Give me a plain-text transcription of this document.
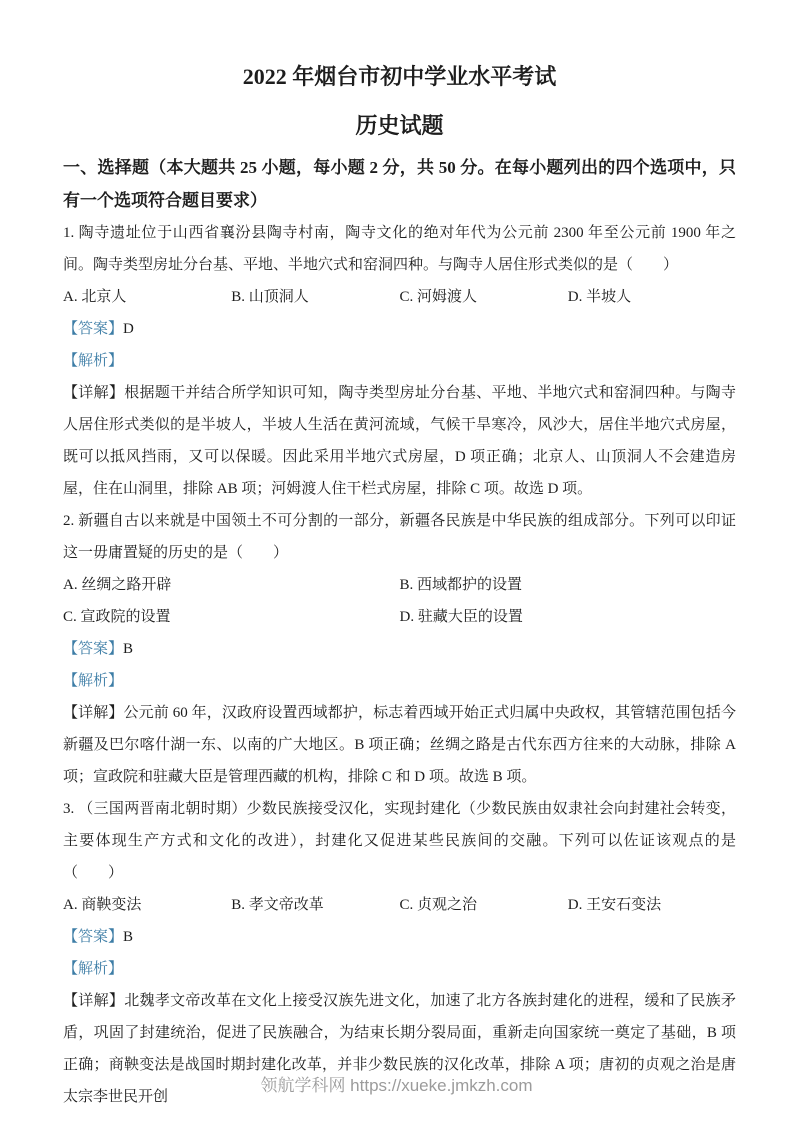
2022 年烟台市初中学业水平考试
历史试题
一、选择题（本大题共 25 小题，每小题 2 分，共 50 分。在每小题列出的四个选项中，只有一个选项符合题目要求）

1. 陶寺遗址位于山西省襄汾县陶寺村南，陶寺文化的绝对年代为公元前 2300 年至公元前 1900 年之间。陶寺类型房址分台基、平地、半地穴式和窑洞四种。与陶寺人居住形式类似的是（　　）

A. 北京人	B. 山顶洞人	C. 河姆渡人	D. 半坡人

【答案】D

【解析】

【详解】根据题干并结合所学知识可知，陶寺类型房址分台基、平地、半地穴式和窑洞四种。与陶寺人居住形式类似的是半坡人，半坡人生活在黄河流域，气候干旱寒冷，风沙大，居住半地穴式房屋，既可以抵风挡雨，又可以保暖。因此采用半地穴式房屋，D 项正确；北京人、山顶洞人不会建造房屋，住在山洞里，排除 AB 项；河姆渡人住干栏式房屋，排除 C 项。故选 D 项。

2. 新疆自古以来就是中国领土不可分割的一部分，新疆各民族是中华民族的组成部分。下列可以印证这一毋庸置疑的历史的是（　　）

A. 丝绸之路开辟	B. 西域都护的设置
C. 宣政院的设置	D. 驻藏大臣的设置

【答案】B

【解析】

【详解】公元前 60 年，汉政府设置西域都护，标志着西域开始正式归属中央政权，其管辖范围包括今新疆及巴尔喀什湖一东、以南的广大地区。B 项正确；丝绸之路是古代东西方往来的大动脉，排除 A 项；宣政院和驻藏大臣是管理西藏的机构，排除 C 和 D 项。故选 B 项。

3. （三国两晋南北朝时期）少数民族接受汉化，实现封建化（少数民族由奴隶社会向封建社会转变，主要体现生产方式和文化的改进），封建化又促进某些民族间的交融。下列可以佐证该观点的是（　　）

A. 商鞅变法	B. 孝文帝改革	C. 贞观之治	D. 王安石变法

【答案】B

【解析】

【详解】北魏孝文帝改革在文化上接受汉族先进文化，加速了北方各族封建化的进程，缓和了民族矛盾，巩固了封建统治，促进了民族融合，为结束长期分裂局面，重新走向国家统一奠定了基础，B 项正确；商鞅变法是战国时期封建化改革，并非少数民族的汉化改革，排除 A 项；唐初的贞观之治是唐太宗李世民开创

领航学科网 https://xueke.jmkzh.com
